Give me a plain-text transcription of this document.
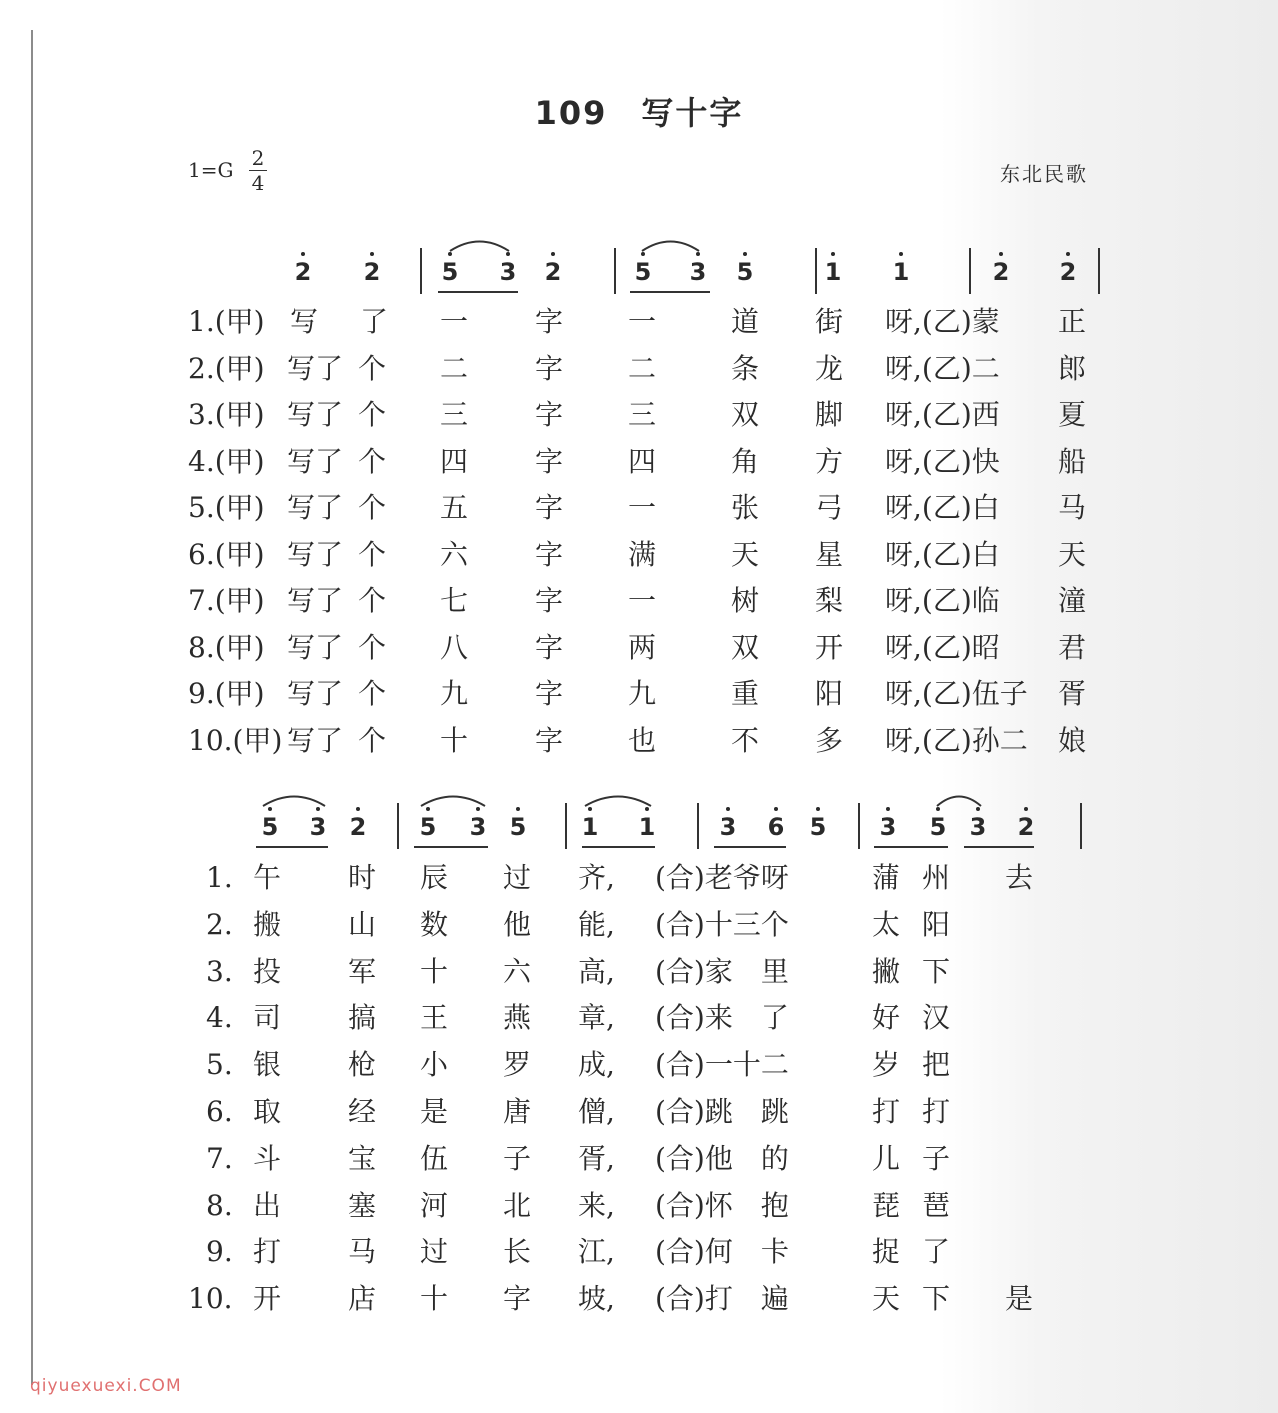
109 写十字
1=G 2
4	东北民歌
2 2	5 3 2	5 3 5	1 1	2 2
1.(甲) 写 了 一 字 一	道 街 呀,(乙)蒙 正
2.(甲) 写了 个 二 字 二	条 龙 呀,(乙)二 郎
3.(甲) 写了 个 三 字 三	双 脚 呀,(乙)西 夏
4.(甲) 写了 个 四 字 四	角 方 呀,(乙)快 船
5.(甲) 写了 个 五 字 一	张 弓 呀,(乙)白 马
6.(甲) 写了 个 六 字 满	天 星 呀,(乙)白 天
7.(甲) 写了 个 七 字 一	树 梨 呀,(乙)临 潼
8.(甲) 写了 个 八 字 两	双 开 呀,(乙)昭 君
9.(甲) 写了 个 九 字 九	重 阳 呀,(乙)伍子 胥
10.(甲) 写了 个 十 字 也	不 多 呀,(乙)孙二 娘
5 3 2 5 3 5 1 1	3 6 5 3 5 3 2
1. 午 时 辰 过 齐, (合)老爷呀	蒲 州 去
2. 搬 山 数 他 能, (合)十三个	太 阳
3. 投 军 十 六 高, (合)家　里	撇 下
4. 司 搞 王 燕 章, (合)来　了	好 汉
5. 银 枪 小 罗 成, (合)一十二	岁 把
6. 取 经 是 唐 僧, (合)跳　跳	打 打
7. 斗 宝 伍 子 胥, (合)他　的	儿 子
8. 出 塞 河 北 来, (合)怀　抱	琵 琶
9. 打 马 过 长 江, (合)何　卡	捉 了
10. 开 店 十 字 坡, (合)打　遍	天 下 是
qiyuexuexi.COM
